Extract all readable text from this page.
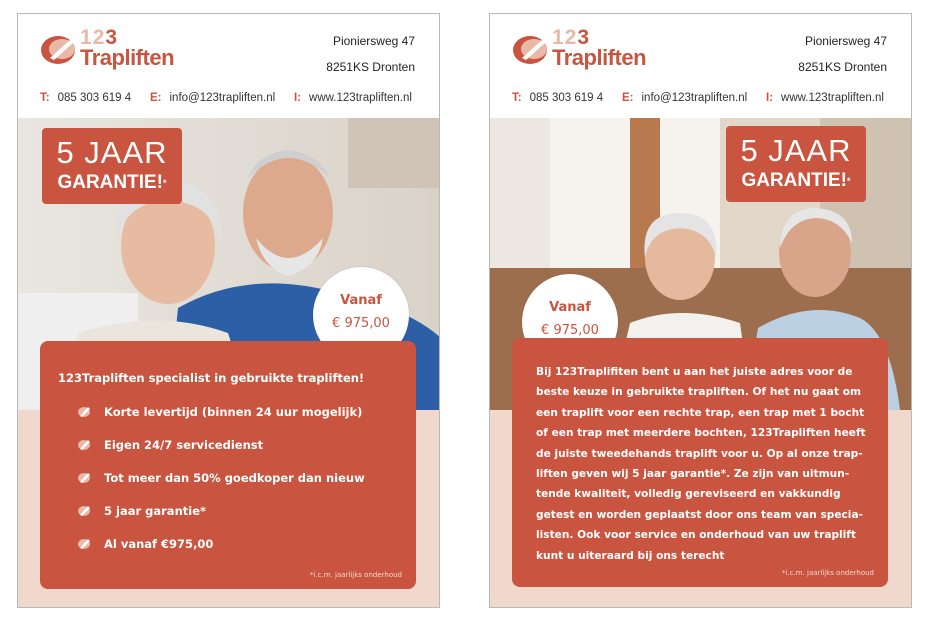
123
Trapliften
Pioniersweg 47
8251KS Dronten
T: 085 303 619 4 E: info@123trapliften.nl I: www.123trapliften.nl
5 JAAR
GARANTIE!*
Vanaf
€ 975,00
123Trapliften specialist in gebruikte trapliften!
Korte levertijd (binnen 24 uur mogelijk)
Eigen 24/7 servicedienst
Tot meer dan 50% goedkoper dan nieuw
5 jaar garantie*
Al vanaf €975,00
*i.c.m. jaarlijks onderhoud
123
Trapliften
Pioniersweg 47
8251KS Dronten
T: 085 303 619 4 E: info@123trapliften.nl I: www.123trapliften.nl
5 JAAR
GARANTIE!*
Vanaf
€ 975,00
Bij 123Traplifiten bent u aan het juiste adres voor de
beste keuze in gebruikte trapliften. Of het nu gaat om
een traplift voor een rechte trap, een trap met 1 bocht
of een trap met meerdere bochten, 123Trapliften heeft
de juiste tweedehands traplift voor u. Op al onze trap-
liften geven wij 5 jaar garantie*. Ze zijn van uitmun-
tende kwaliteit, volledig gereviseerd en vakkundig
getest en worden geplaatst door ons team van specia-
listen. Ook voor service en onderhoud van uw traplift
kunt u uiteraard bij ons terecht
*i.c.m. jaarlijks onderhoud
